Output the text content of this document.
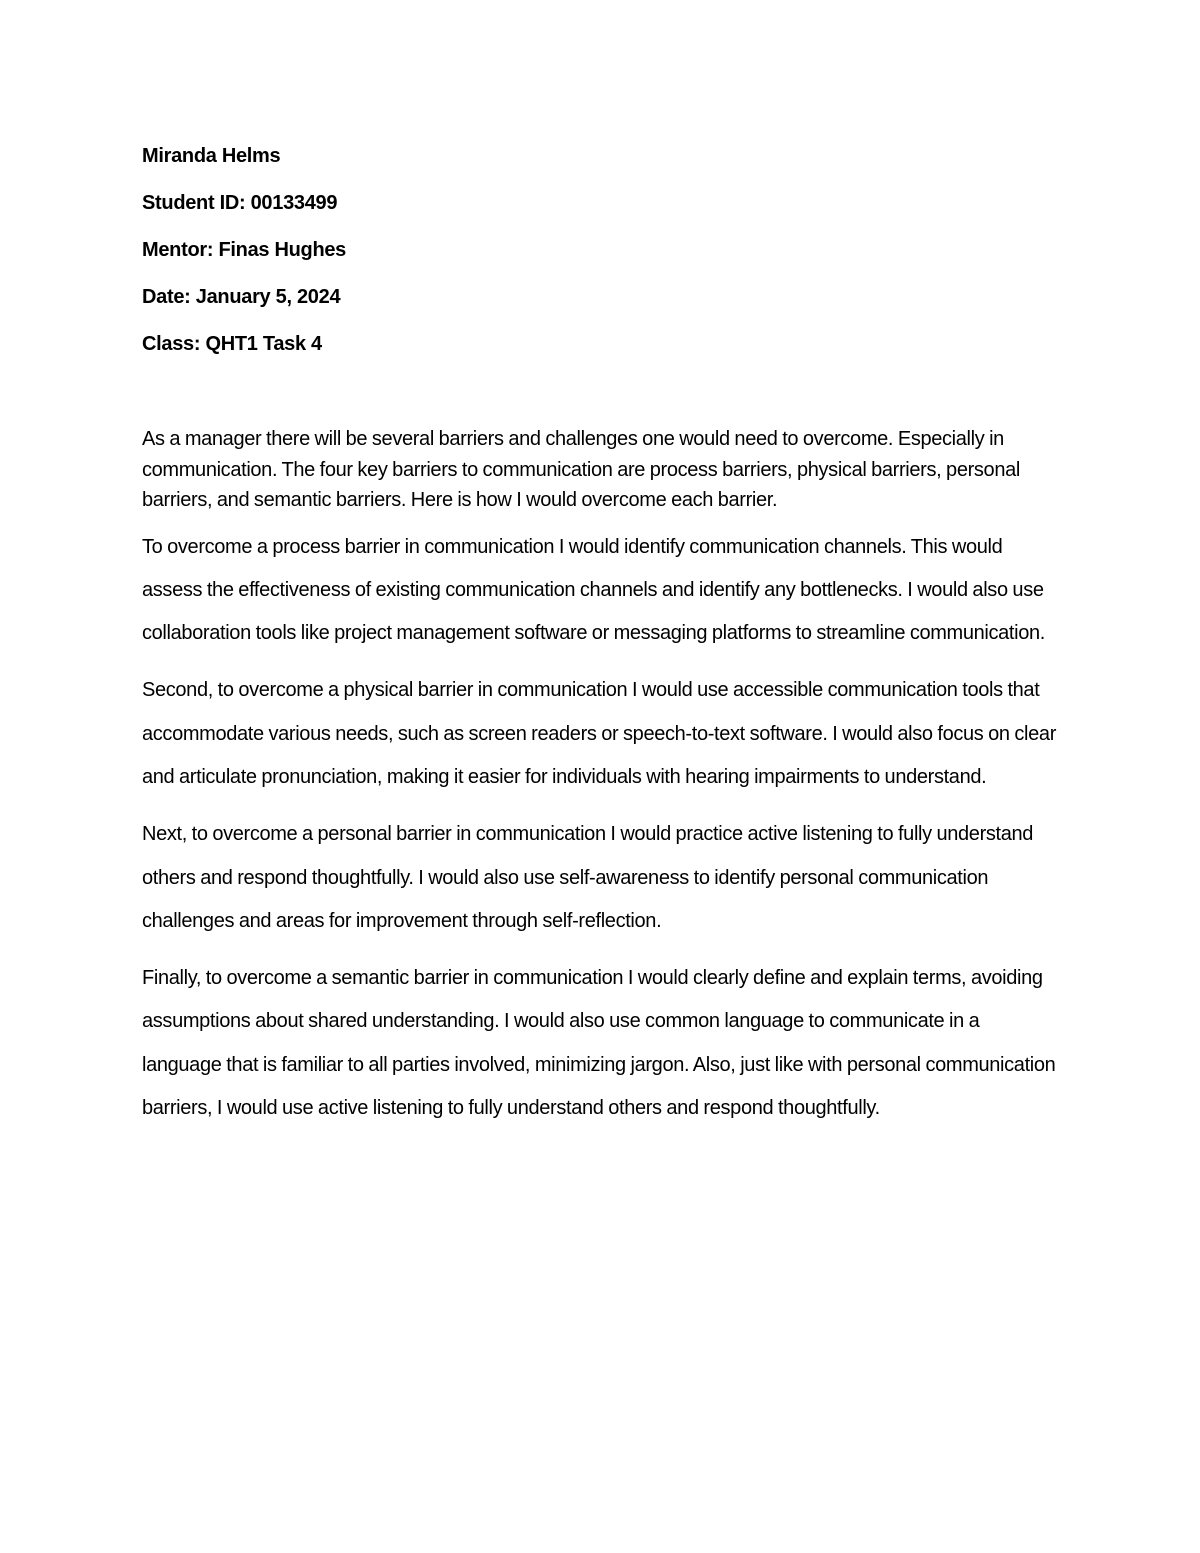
Miranda Helms
Student ID: 00133499
Mentor: Finas Hughes
Date: January 5, 2024
Class: QHT1 Task 4

As a manager there will be several barriers and challenges one would need to overcome. Especially in communication. The four key barriers to communication are process barriers, physical barriers, personal barriers, and semantic barriers. Here is how I would overcome each barrier.

To overcome a process barrier in communication I would identify communication channels. This would assess the effectiveness of existing communication channels and identify any bottlenecks. I would also use collaboration tools like project management software or messaging platforms to streamline communication.

Second, to overcome a physical barrier in communication I would use accessible communication tools that accommodate various needs, such as screen readers or speech-to-text software. I would also focus on clear and articulate pronunciation, making it easier for individuals with hearing impairments to understand.

Next, to overcome a personal barrier in communication I would practice active listening to fully understand others and respond thoughtfully. I would also use self-awareness to identify personal communication challenges and areas for improvement through self-reflection.

Finally, to overcome a semantic barrier in communication I would clearly define and explain terms, avoiding assumptions about shared understanding. I would also use common language to communicate in a language that is familiar to all parties involved, minimizing jargon. Also, just like with personal communication barriers, I would use active listening to fully understand others and respond thoughtfully.
